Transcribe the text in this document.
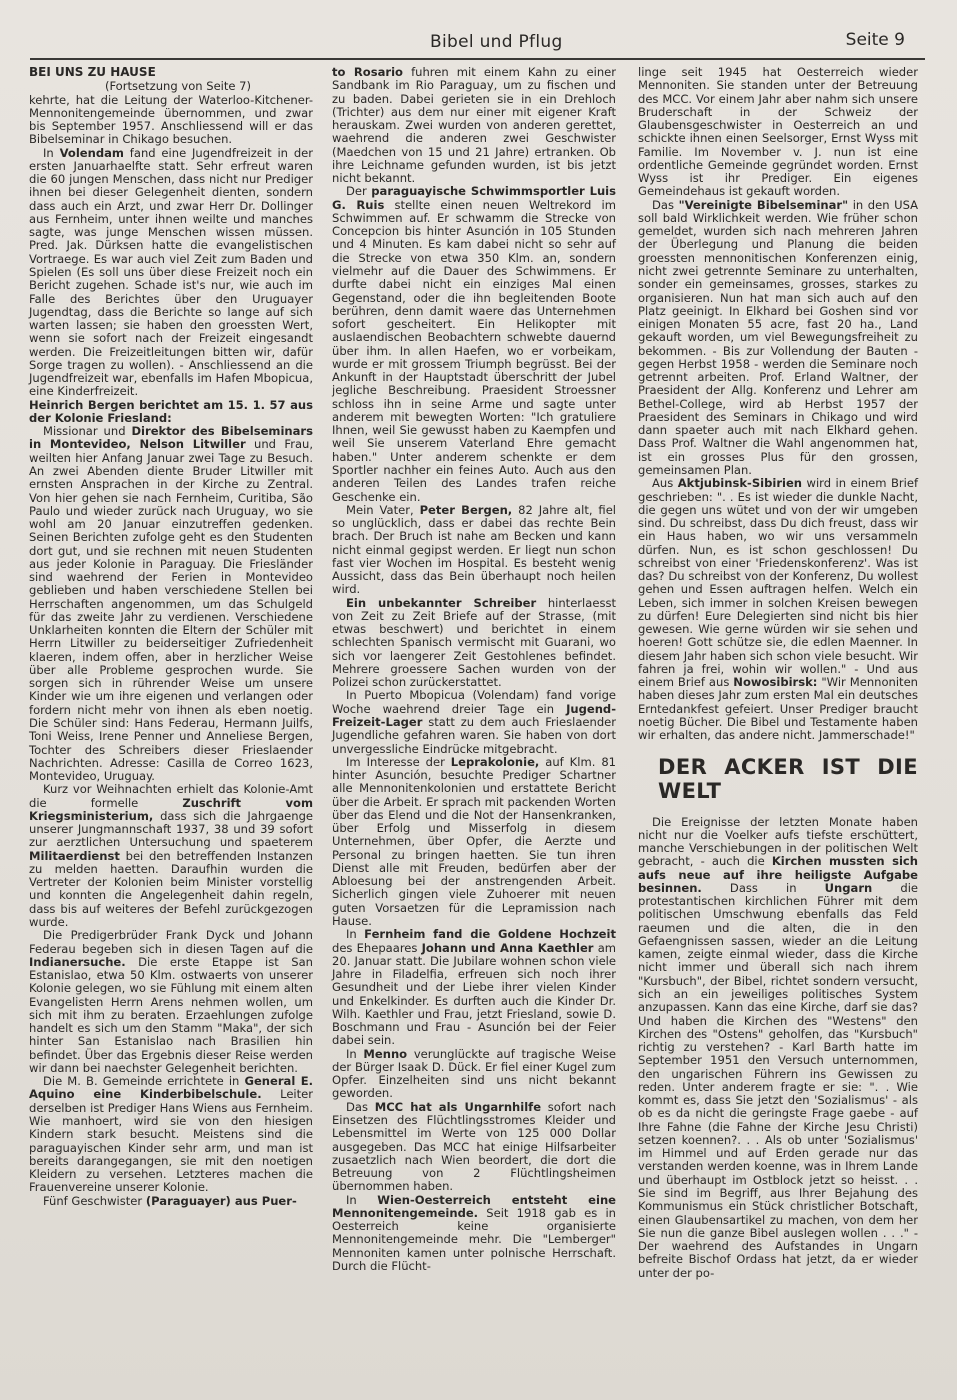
Bibel und Pflug	Seite 9
BEI UNS ZU HAUSE

(Fortsetzung von Seite 7)

kehrte, hat die Leitung der Waterloo-Kitchener- Mennonitengemeinde übernommen, und zwar bis September 1957. Anschliessend will er das Bibelseminar in Chikago besuchen.

In Volendam fand eine Jugendfreizeit in der ersten Januarhaelfte statt. Sehr erfreut waren die 60 jungen Menschen, dass nicht nur Prediger ihnen bei dieser Gelegenheit dienten, sondern dass auch ein Arzt, und zwar Herr Dr. Dollinger aus Fernheim, unter ihnen weilte und manches sagte, was junge Menschen wissen müssen. Pred. Jak. Dürksen hatte die evangelistischen Vortraege. Es war auch viel Zeit zum Baden und Spielen (Es soll uns über diese Freizeit noch ein Bericht zugehen. Schade ist's nur, wie auch im Falle des Berichtes über den Uruguayer Jugendtag, dass die Berichte so lange auf sich warten lassen; sie haben den groessten Wert, wenn sie sofort nach der Freizeit eingesandt werden. Die Freizeitleitungen bitten wir, dafür Sorge tragen zu wollen). - Anschliessend an die Jugendfreizeit war, ebenfalls im Hafen Mbopicua, eine Kinderfreizeit.

Heinrich Bergen berichtet am 15. 1. 57 aus der Kolonie Friesland:

Missionar und Direktor des Bibelseminars in Montevideo, Nelson Litwiller und Frau, weilten hier Anfang Januar zwei Tage zu Besuch. An zwei Abenden diente Bruder Litwiller mit ernsten Ansprachen in der Kirche zu Zentral. Von hier gehen sie nach Fernheim, Curitiba, São Paulo und wieder zurück nach Uruguay, wo sie wohl am 20 Januar einzutreffen gedenken. Seinen Berichten zufolge geht es den Studenten dort gut, und sie rechnen mit neuen Studenten aus jeder Kolonie in Paraguay. Die Friesländer sind waehrend der Ferien in Montevideo geblieben und haben verschiedene Stellen bei Herrschaften angenommen, um das Schulgeld für das zweite Jahr zu verdienen. Verschiedene Unklarheiten konnten die Eltern der Schüler mit Herrn Litwiller zu beiderseitiger Zufriedenheit klaeren, indem offen, aber in herzlicher Weise über alle Probleme gesprochen wurde. Sie sorgen sich in rührender Weise um unsere Kinder wie um ihre eigenen und verlangen oder fordern nicht mehr von ihnen als eben noetig. Die Schüler sind: Hans Federau, Hermann Juilfs, Toni Weiss, Irene Penner und Anneliese Bergen, Tochter des Schreibers dieser Frieslaender Nachrichten. Adresse: Casilla de Correo 1623, Montevideo, Uruguay.

Kurz vor Weihnachten erhielt das Kolonie-Amt die formelle	Zuschrift vom Kriegsministerium, dass sich die Jahrgaenge unserer Jungmannschaft 1937, 38 und 39 sofort zur aerztlichen Untersuchung und spaeterem Militaerdienst bei den betreffenden Instanzen zu melden haetten. Daraufhin wurden die Vertreter der Kolonien beim Minister vorstellig und konnten die Angelegenheit dahin regeln, dass bis auf weiteres der Befehl zurückgezogen wurde.

Die Predigerbrüder Frank Dyck und Johann Federau begeben sich in diesen Tagen auf die Indianersuche. Die erste Etappe ist San Estanislao, etwa 50 Klm. ostwaerts von unserer Kolonie gelegen, wo sie Fühlung mit einem alten Evangelisten Herrn Arens nehmen wollen, um sich mit ihm zu beraten. Erzaehlungen zufolge handelt es sich um den Stamm "Maka", der sich hinter San Estanislao nach Brasilien hin befindet. Über das Ergebnis dieser Reise werden wir dann bei naechster Gelegenheit berichten.

Die M. B. Gemeinde errichtete in General E. Aquino eine Kinderbibelschule. Leiter derselben ist Prediger Hans Wiens aus Fernheim. Wie manhoert, wird sie von den hiesigen Kindern stark besucht. Meistens sind die paraguayischen Kinder sehr arm, und man ist bereits darangegangen, sie mit den noetigen Kleidern zu versehen. Letzteres machen die Frauenvereine unserer Kolonie.

Fünf Geschwister (Paraguayer) aus Puer-

to Rosario fuhren mit einem Kahn zu einer Sandbank im Rio Paraguay, um zu fischen und zu baden. Dabei gerieten sie in ein Drehloch (Trichter) aus dem nur einer mit eigener Kraft herauskam. Zwei wurden von anderen gerettet, waehrend die anderen zwei Geschwister (Maedchen von 15 und 21 Jahre) ertranken. Ob ihre Leichname gefunden wurden, ist bis jetzt nicht bekannt.

Der paraguayische Schwimmsportler Luis G. Ruis stellte einen neuen Weltrekord im Schwimmen auf. Er schwamm die Strecke von Concepcion bis hinter Asunción in 105 Stunden und 4 Minuten. Es kam dabei nicht so sehr auf die Strecke von etwa 350 Klm. an, sondern vielmehr auf die Dauer des Schwimmens. Er durfte dabei nicht ein einziges Mal einen Gegenstand, oder die ihn begleitenden Boote berühren, denn damit waere das Unternehmen sofort gescheitert. Ein Helikopter mit auslaendischen Beobachtern schwebte dauernd über ihm. In allen Haefen, wo er vorbeikam, wurde er mit grossem Triumph begrüsst. Bei der Ankunft in der Hauptstadt überschritt der Jubel jegliche Beschreibung. Praesident Stroessner schloss ihn in seine Arme und sagte unter anderem mit bewegten Worten: "Ich gratuliere Ihnen, weil Sie gewusst haben zu Kaempfen und weil Sie unserem Vaterland Ehre gemacht haben." Unter anderem schenkte er dem Sportler nachher ein feines Auto. Auch aus den anderen Teilen des Landes trafen reiche Geschenke ein.

Mein Vater, Peter Bergen, 82 Jahre alt, fiel so unglücklich, dass er dabei das rechte Bein brach. Der Bruch ist nahe am Becken und kann nicht einmal gegipst werden. Er liegt nun schon fast vier Wochen im Hospital. Es besteht wenig Aussicht, dass das Bein überhaupt noch heilen wird.

Ein unbekannter Schreiber hinterlaesst von Zeit zu Zeit Briefe auf der Strasse, (mit etwas beschwert) und berichtet in einem schlechten Spanisch vermischt mit Guarani, wo sich vor laengerer Zeit Gestohlenes befindet. Mehrere groessere Sachen wurden von der Polizei schon zurückerstattet.

In Puerto Mbopicua (Volendam) fand vorige Woche waehrend dreier Tage ein Jugend-Freizeit-Lager statt zu dem auch Frieslaender Jugendliche gefahren waren. Sie haben von dort unvergessliche Eindrücke mitgebracht.

Im Interesse der Leprakolonie, auf Klm. 81 hinter Asunción, besuchte Prediger Schartner alle Mennonitenkolonien und erstattete Bericht über die Arbeit. Er sprach mit packenden Worten über das Elend und die Not der Hansenkranken, über Erfolg und Misserfolg in diesem Unternehmen, über Opfer, die Aerzte und Personal zu bringen haetten. Sie tun ihren Dienst alle mit Freuden, bedürfen aber der Abloesung bei der anstrengenden Arbeit. Sicherlich gingen viele Zuhoerer mit neuen guten Vorsaetzen für die Lepramission nach Hause.

In Fernheim fand die Goldene Hochzeit des Ehepaares Johann und Anna Kaethler am 20. Januar statt. Die Jubilare wohnen schon viele Jahre in Filadelfia, erfreuen sich noch ihrer Gesundheit und der Liebe ihrer vielen Kinder und Enkelkinder. Es durften auch die Kinder Dr. Wilh. Kaethler und Frau, jetzt Friesland, sowie D. Boschmann und Frau - Asunción bei der Feier dabei sein.

In Menno verunglückte auf tragische Weise der Bürger Isaak D. Dück. Er fiel einer Kugel zum Opfer. Einzelheiten sind uns nicht bekannt geworden.

Das MCC hat als Ungarnhilfe sofort nach Einsetzen des Flüchtlingsstromes Kleider und Lebensmittel im Werte von 125 000 Dollar ausgegeben. Das MCC hat einige Hilfsarbeiter zusaetzlich nach Wien beordert, die dort die Betreuung von 2 Flüchtlingsheimen übernommen haben.

In Wien-Oesterreich entsteht eine Mennonitengemeinde. Seit 1918 gab es in Oesterreich keine organisierte Mennonitengemeinde mehr. Die "Lemberger" Mennoniten kamen unter polnische Herrschaft. Durch die Flücht-

linge seit 1945 hat Oesterreich wieder Mennoniten. Sie standen unter der Betreuung des MCC. Vor einem Jahr aber nahm sich unsere Bruderschaft in der Schweiz der Glaubensgeschwister in Oesterreich an und schickte ihnen einen Seelsorger, Ernst Wyss mit Familie. Im November v. J. nun ist eine ordentliche Gemeinde gegründet worden. Ernst Wyss ist ihr Prediger. Ein eigenes Gemeindehaus ist gekauft worden.

Das "Vereinigte Bibelseminar" in den USA soll bald Wirklichkeit werden. Wie früher schon gemeldet, wurden sich nach mehreren Jahren der Überlegung und Planung die beiden groessten mennonitischen Konferenzen einig, nicht zwei getrennte Seminare zu unterhalten, sonder ein gemeinsames, grosses, starkes zu organisieren. Nun hat man sich auch auf den Platz geeinigt. In Elkhard bei Goshen sind vor einigen Monaten 55 acre, fast 20 ha., Land gekauft worden, um viel Bewegungsfreiheit zu bekommen. - Bis zur Vollendung der Bauten - gegen Herbst 1958 - werden die Seminare noch getrennt arbeiten. Prof. Erland Waltner, der Praesident der Allg. Konferenz und Lehrer am Bethel-College, wird ab Herbst 1957 der Praesident des Seminars in Chikago und wird dann spaeter auch mit nach Elkhard gehen. Dass Prof. Waltner die Wahl angenommen hat, ist ein grosses Plus für den grossen, gemeinsamen Plan.

Aus Aktjubinsk-Sibirien wird in einem Brief geschrieben: ". . Es ist wieder die dunkle Nacht, die gegen uns wütet und von der wir umgeben sind. Du schreibst, dass Du dich freust, dass wir ein Haus haben, wo wir uns versammeln dürfen. Nun, es ist schon geschlossen! Du schreibst von einer 'Friedenskonferenz'. Was ist das? Du schreibst von der Konferenz, Du wollest gehen und Essen auftragen helfen. Welch ein Leben, sich immer in solchen Kreisen bewegen zu dürfen! Eure Delegierten sind nicht bis hier gewesen. Wie gerne würden wir sie sehen und hoeren! Gott schütze sie, die edlen Maenner. In diesem Jahr haben sich schon viele besucht. Wir fahren ja frei, wohin wir wollen." - Und aus einem Brief aus Nowosibirsk: "Wir Mennoniten haben dieses Jahr zum ersten Mal ein deutsches Erntedankfest gefeiert. Unser Prediger braucht noetig Bücher. Die Bibel und Testamente haben wir erhalten, das andere nicht. Jammerschade!"

DER ACKER IST DIE WELT

Die Ereignisse der letzten Monate haben nicht nur die Voelker aufs tiefste erschüttert, manche Verschiebungen in der politischen Welt gebracht, - auch die Kirchen mussten sich aufs neue auf ihre heiligste Aufgabe besinnen. Dass in Ungarn die protestantischen kirchlichen Führer mit dem politischen Umschwung ebenfalls das Feld raeumen und die alten, die in den Gefaengnissen sassen, wieder an die Leitung kamen, zeigte einmal wieder, dass die Kirche nicht immer und überall sich nach ihrem "Kursbuch", der Bibel, richtet sondern versucht, sich an ein jeweiliges politisches System anzupassen. Kann das eine Kirche, darf sie das? Und haben die Kirchen des "Westens" den Kirchen des "Ostens" geholfen, das "Kursbuch" richtig zu verstehen? - Karl Barth hatte im September 1951 den Versuch unternommen, den ungarischen Führern ins Gewissen zu reden. Unter anderem fragte er sie: ". . Wie kommt es, dass Sie jetzt den 'Sozialismus' - als ob es da nicht die geringste Frage gaebe - auf Ihre Fahne (die Fahne der Kirche Jesu Christi) setzen koennen?. . . Als ob unter 'Sozialismus' im Himmel und auf Erden gerade nur das verstanden werden koenne, was in Ihrem Lande und überhaupt im Ostblock jetzt so heisst. . . Sie sind im Begriff, aus Ihrer Bejahung des Kommunismus ein Stück christlicher Botschaft, einen Glaubensartikel zu machen, von dem her Sie nun die ganze Bibel auslegen wollen . . ." - Der waehrend des Aufstandes in Ungarn befreite Bischof Ordass hat jetzt, da er wieder unter der po-
